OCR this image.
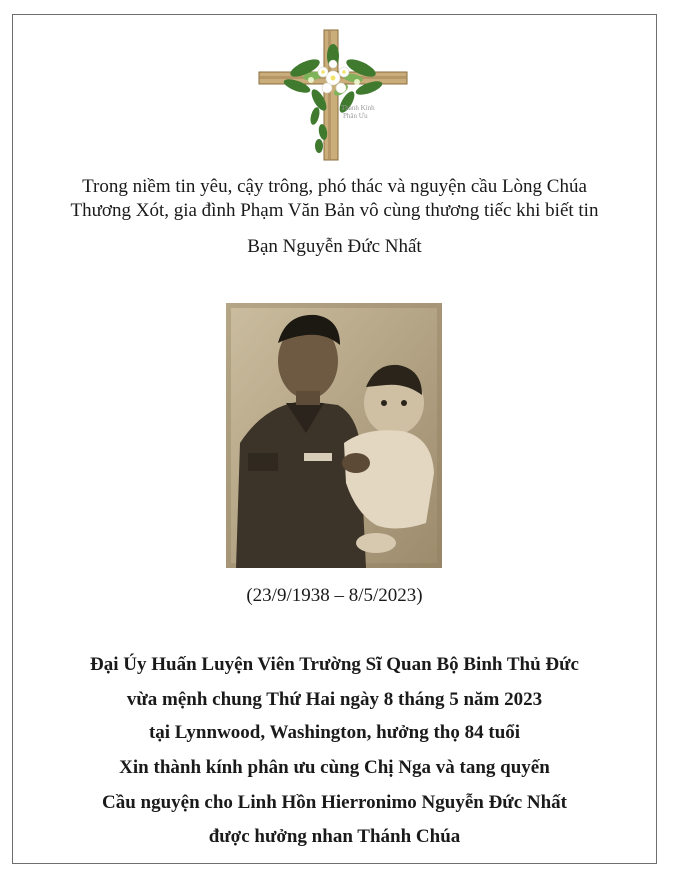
Thành Kính
Phân Ưu
Trong niềm tin yêu, cậy trông, phó thác và nguyện cầu Lòng Chúa
Thương Xót, gia đình Phạm Văn Bản vô cùng thương tiếc khi biết tin
Bạn Nguyễn Đức Nhất
(23/9/1938 – 8/5/2023)
Đại Úy Huấn Luyện Viên Trường Sĩ Quan Bộ Binh Thủ Đức
vừa mệnh chung Thứ Hai ngày 8 tháng 5 năm 2023
tại Lynnwood, Washington, hưởng thọ 84 tuổi
Xin thành kính phân ưu cùng Chị Nga và tang quyến
Cầu nguyện cho Linh Hồn Hierronimo Nguyễn Đức Nhất
được hưởng nhan Thánh Chúa
